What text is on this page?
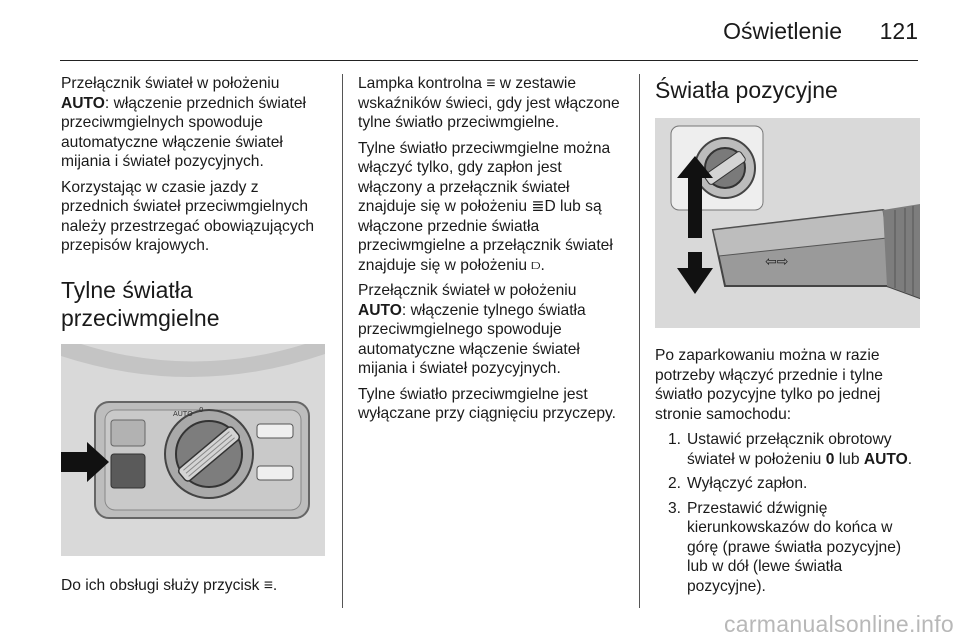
Oświetlenie 121

Przełącznik świateł w położeniu
AUTO: włączenie przednich świateł przeciwmgielnych spowoduje automatyczne włączenie świateł mijania i świateł pozycyjnych.

Korzystając w czasie jazdy z przednich świateł przeciwmgielnych należy przestrzegać obowiązujących przepisów krajowych.

Tylne światła przeciwmgielne
AUTO 0

Do ich obsługi służy przycisk ≡.

Lampka kontrolna ≡ w zestawie wskaźników świeci, gdy jest włączone tylne światło przeciwmgielne.

Tylne światło przeciwmgielne można włączyć tylko, gdy zapłon jest włączony a przełącznik świateł znajduje się w położeniu ≣D lub są włączone przednie światła przeciwmgielne a przełącznik świateł znajduje się w położeniu ⫐.

Przełącznik świateł w położeniu
AUTO: włączenie tylnego światła przeciwmgielnego spowoduje automatyczne włączenie świateł mijania i świateł pozycyjnych.

Tylne światło przeciwmgielne jest wyłączane przy ciągnięciu przyczepy.

Światła pozycyjne
⇦⇨

Po zaparkowaniu można w razie potrzeby włączyć przednie i tylne światło pozycyjne tylko po jednej stronie samochodu:

1. Ustawić przełącznik obrotowy świateł w położeniu 0 lub AUTO.
2. Wyłączyć zapłon.
3. Przestawić dźwignię kierunkowskazów do końca w górę (prawe światła pozycyjne) lub w dół (lewe światła pozycyjne).
carmanualsonline.info
